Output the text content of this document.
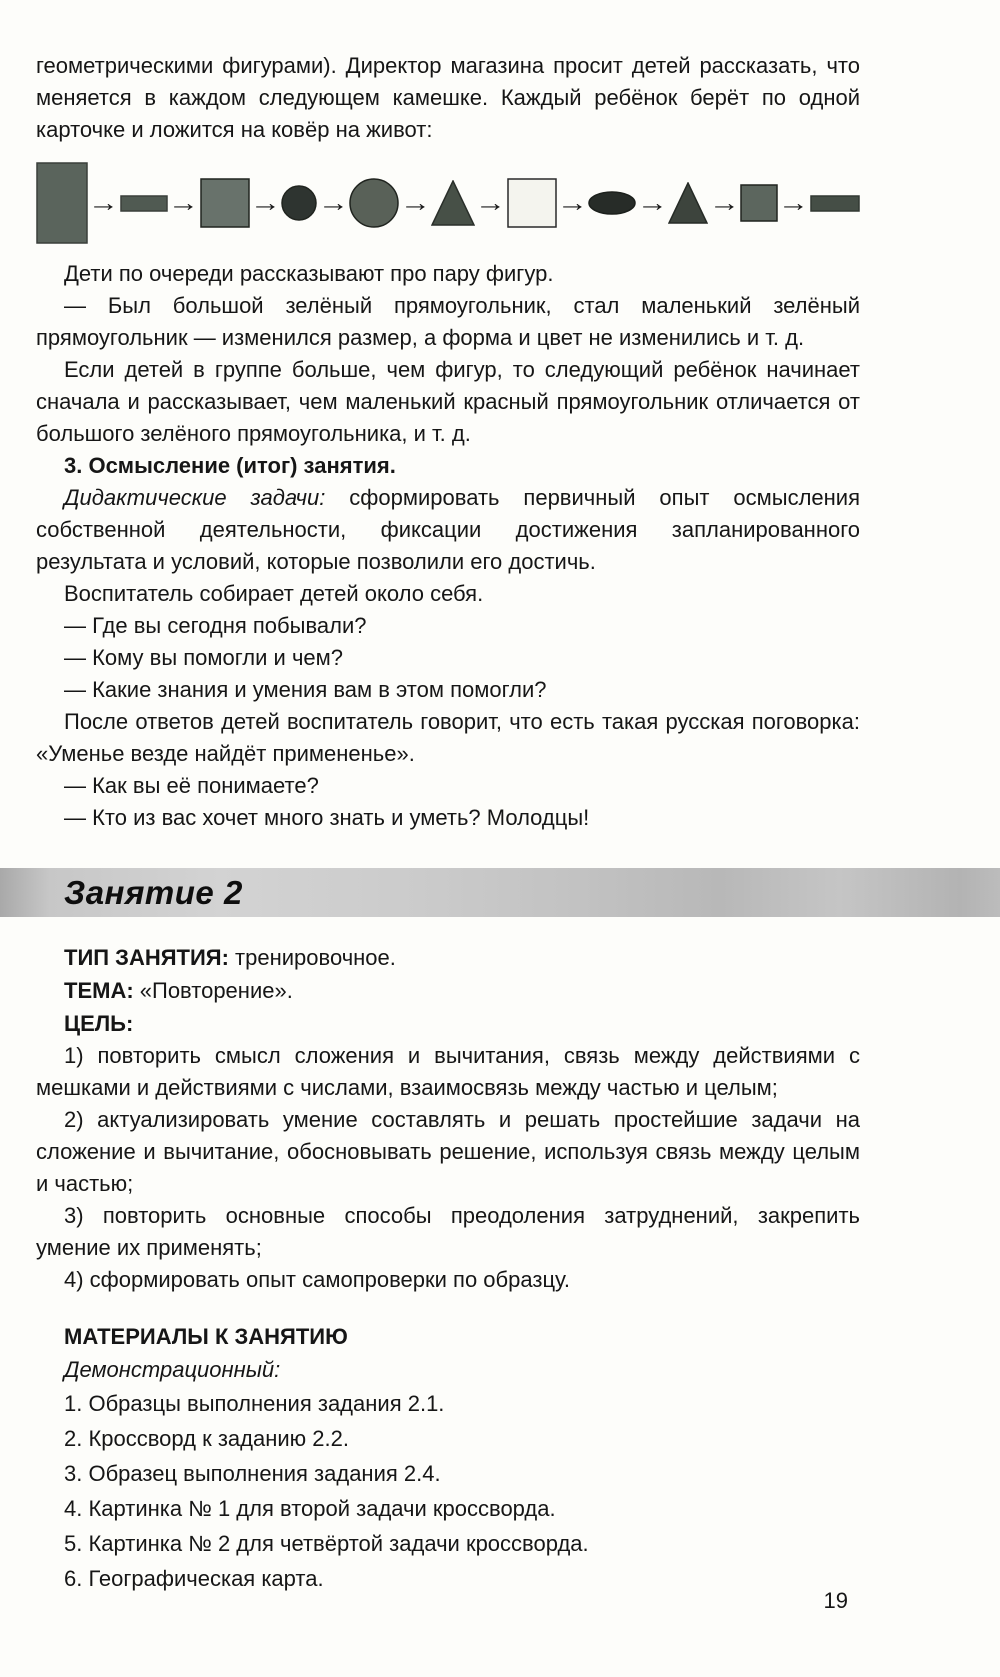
геометрическими фигурами). Директор магазина просит детей рассказать, что меняется в каждом следующем камешке. Каждый ребёнок берёт по одной карточке и ложится на ковёр на живот:

→ → → → → → → → → →

Дети по очереди рассказывают про пару фигур.

— Был большой зелёный прямоугольник, стал маленький зелёный прямоугольник — изменился размер, а форма и цвет не изменились и т. д.

Если детей в группе больше, чем фигур, то следующий ребёнок начинает сначала и рассказывает, чем маленький красный прямоугольник отличается от большого зелёного прямоугольника, и т. д.

3. Осмысление (итог) занятия.

Дидактические задачи: сформировать первичный опыт осмысления собственной деятельности, фиксации достижения запланированного результата и условий, которые позволили его достичь.

Воспитатель собирает детей около себя.

— Где вы сегодня побывали?

— Кому вы помогли и чем?

— Какие знания и умения вам в этом помогли?

После ответов детей воспитатель говорит, что есть такая русская поговорка: «Уменье везде найдёт примененье».

— Как вы её понимаете?

— Кто из вас хочет много знать и уметь? Молодцы!

Занятие 2

ТИП ЗАНЯТИЯ: тренировочное.

ТЕМА: «Повторение».

ЦЕЛЬ:

1) повторить смысл сложения и вычитания, связь между действиями с мешками и действиями с числами, взаимосвязь между частью и целым;

2) актуализировать умение составлять и решать простейшие задачи на сложение и вычитание, обосновывать решение, используя связь между целым и частью;

3) повторить основные способы преодоления затруднений, закрепить умение их применять;

4) сформировать опыт самопроверки по образцу.

МАТЕРИАЛЫ К ЗАНЯТИЮ

Демонстрационный:

1. Образцы выполнения задания 2.1.

2. Кроссворд к заданию 2.2.

3. Образец выполнения задания 2.4.

4. Картинка № 1 для второй задачи кроссворда.

5. Картинка № 2 для четвёртой задачи кроссворда.

6. Географическая карта.

19
